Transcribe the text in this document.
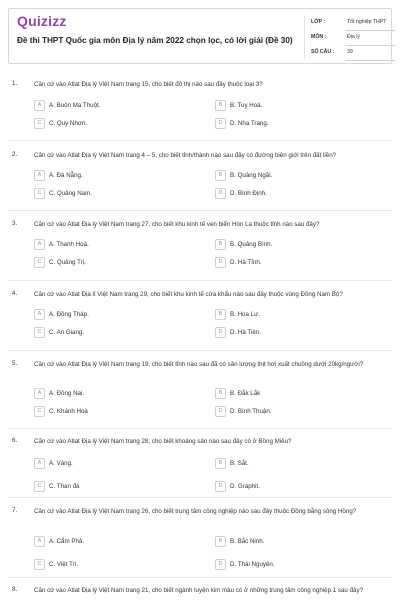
Quizizz
Đề thi THPT Quốc gia môn Địa lý năm 2022 chọn lọc, có lời giải (Đề 30)
LỚP :	Tốt nghiệp THPT
MÔN :	Địa lý
SỐ CÂU : 39
1.	Căn cứ vào Atlat Địa lý Việt Nam trang 15, cho biết đô thị nào sau đây thuộc loại 3?
A	A. Buôn Ma Thuột.	B	B. Tuy Hoà.
C	C. Quy Nhơn.	D	D. Nha Trang.
2.	Căn cứ vào Atlat Địa lý Việt Nam trang 4 – 5, cho biết tỉnh/thành nào sau đây có đường biên giới trên đất liền?
A	A. Đà Nẵng.	B	B. Quảng Ngãi.
C	C. Quảng Nam.	D	D. Bình Định.
3.	Căn cứ vào Atlat Địa lý Việt Nam trang 27, cho biết khu kinh tế ven biển Hòn La thuộc tỉnh nào sau đây?
A	A. Thanh Hoá.	B	B. Quảng Bình.
C	C. Quảng Trị.	D	D. Hà Tĩnh.
4.	Căn cứ vào Atlat Địa lí Việt Nam trang 29, cho biết khu kinh tế cửa khẩu nào sau đây thuộc vùng Đồng Nam Bộ?
A	A. Đồng Tháp.	B	B. Hoa Lư.
C	C. An Giang.	D	D. Hà Tiên.
5.	Căn cứ vào Atlat Địa lý Việt Nam trang 19, cho biết tỉnh nào sau đã có sản lượng thịt hơi xuất chuồng dưới 20kg/người?
A	A. Đồng Nai.	B	B. Đắk Lắk
C	C. Khánh Hoà	D	D. Bình Thuận.
6.	Căn cứ vào Atlat Địa lý Việt Nam trang 28, cho biết khoáng sản nào sau đây có ở Bồng Miêu?
A	A. Vàng.	B	B. Sắt.
C	C. Than đá	D	D. Graphit.
7.	Căn cứ vào Atlat Địa lý Việt Nam trang 26, cho biết trung tâm công nghiệp nào sau đây thuộc Đồng bằng sông Hồng?
A	A. Cẩm Phả.	B	B. Bắc Ninh.
C	C. Việt Trì.	D	D. Thái Nguyên.
8.	Căn cứ vào Atlat Địa lý Việt Nam trang 21, cho biết ngành luyện kim màu có ở những trung tâm công nghiệp 1 sau đây?
